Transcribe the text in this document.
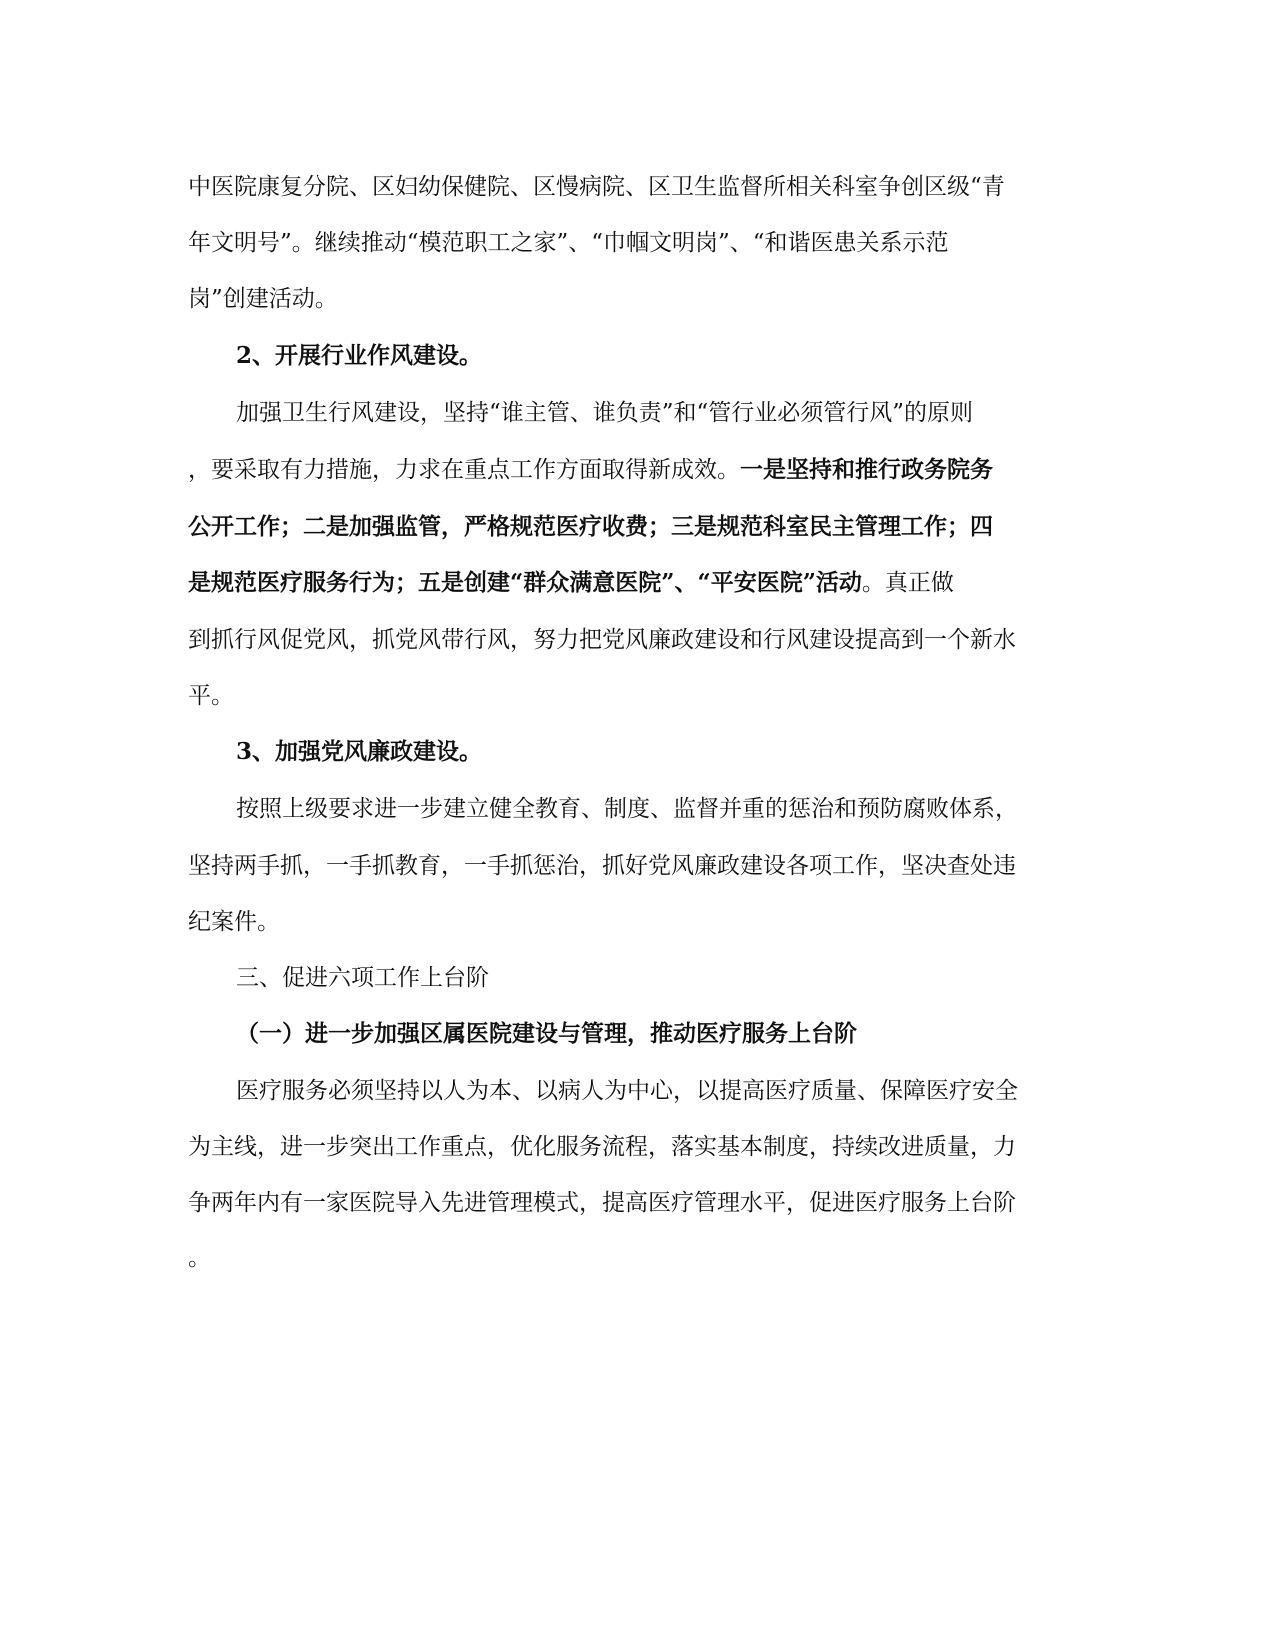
中医院康复分院、区妇幼保健院、区慢病院、区卫生监督所相关科室争创区级“青
年文明号”。继续推动“模范职工之家”、“巾帼文明岗”、“和谐医患关系示范
岗”创建活动。
2、开展行业作风建设。
加强卫生行风建设，坚持“谁主管、谁负责”和“管行业必须管行风”的原则
，要采取有力措施，力求在重点工作方面取得新成效。一是坚持和推行政务院务
公开工作；二是加强监管，严格规范医疗收费；三是规范科室民主管理工作；四
是规范医疗服务行为；五是创建“群众满意医院”、“平安医院”活动。真正做
到抓行风促党风，抓党风带行风，努力把党风廉政建设和行风建设提高到一个新水
平。
3、加强党风廉政建设。
按照上级要求进一步建立健全教育、制度、监督并重的惩治和预防腐败体系，
坚持两手抓，一手抓教育，一手抓惩治，抓好党风廉政建设各项工作，坚决查处违
纪案件。
三、促进六项工作上台阶
（一）进一步加强区属医院建设与管理，推动医疗服务上台阶
医疗服务必须坚持以人为本、以病人为中心，以提高医疗质量、保障医疗安全
为主线，进一步突出工作重点，优化服务流程，落实基本制度，持续改进质量，力
争两年内有一家医院导入先进管理模式，提高医疗管理水平，促进医疗服务上台阶
。
